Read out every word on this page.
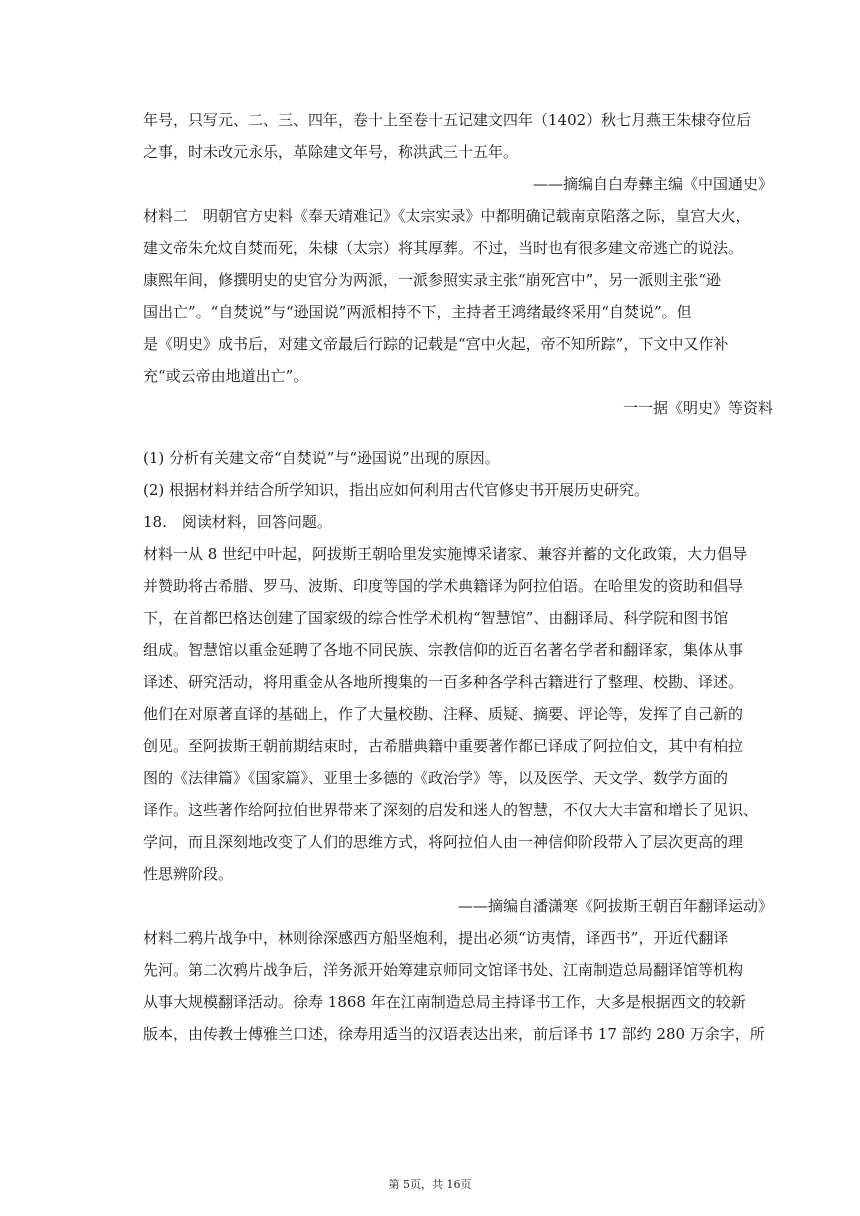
年号，只写元、二、三、四年，卷十上至卷十五记建文四年（1402）秋七月燕王朱棣夺位后
之事，时未改元永乐，革除建文年号，称洪武三十五年。
——摘编自白寿彝主编《中国通史》
材料二　明朝官方史料《奉天靖难记》《太宗实录》中都明确记载南京陷落之际，皇宫大火，
建文帝朱允炆自焚而死，朱棣（太宗）将其厚葬。不过，当时也有很多建文帝逃亡的说法。
康熙年间，修撰明史的史官分为两派，一派参照实录主张“崩死宫中”，另一派则主张“逊
国出亡”。“自焚说”与“逊国说”两派相持不下，主持者王鸿绪最终采用“自焚说”。但
是《明史》成书后，对建文帝最后行踪的记载是“宫中火起，帝不知所踪”，下文中又作补
充“或云帝由地道出亡”。
一一据《明史》等资料
(1) 分析有关建文帝“自焚说”与“逊国说”出现的原因。
(2) 根据材料并结合所学知识，指出应如何利用古代官修史书开展历史研究。
18.　阅读材料，回答问题。
材料一从 8 世纪中叶起，阿拔斯王朝哈里发实施博采诸家、兼容并蓄的文化政策，大力倡导
并赞助将古希腊、罗马、波斯、印度等国的学术典籍译为阿拉伯语。在哈里发的资助和倡导
下，在首都巴格达创建了国家级的综合性学术机构“智慧馆”、由翻译局、科学院和图书馆
组成。智慧馆以重金延聘了各地不同民族、宗教信仰的近百名著名学者和翻译家，集体从事
译述、研究活动，将用重金从各地所搜集的一百多种各学科古籍进行了整理、校勘、译述。
他们在对原著直译的基础上，作了大量校勘、注释、质疑、摘要、评论等，发挥了自己新的
创见。至阿拔斯王朝前期结束时，古希腊典籍中重要著作都已译成了阿拉伯文，其中有柏拉
图的《法律篇》《国家篇》、亚里士多德的《政治学》等，以及医学、天文学、数学方面的
译作。这些著作给阿拉伯世界带来了深刻的启发和迷人的智慧，不仅大大丰富和增长了见识、
学问，而且深刻地改变了人们的思维方式，将阿拉伯人由一神信仰阶段带入了层次更高的理
性思辨阶段。
——摘编自潘潇寒《阿拔斯王朝百年翻译运动》
材料二鸦片战争中，林则徐深感西方船坚炮利，提出必须“访夷情，译西书”，开近代翻译
先河。第二次鸦片战争后，洋务派开始筹建京师同文馆译书处、江南制造总局翻译馆等机构
从事大规模翻译活动。徐寿 1868 年在江南制造总局主持译书工作，大多是根据西文的较新
版本，由传教士傅雅兰口述，徐寿用适当的汉语表达出来，前后译书 17 部约 280 万余字，所
第 5页，共 16页
